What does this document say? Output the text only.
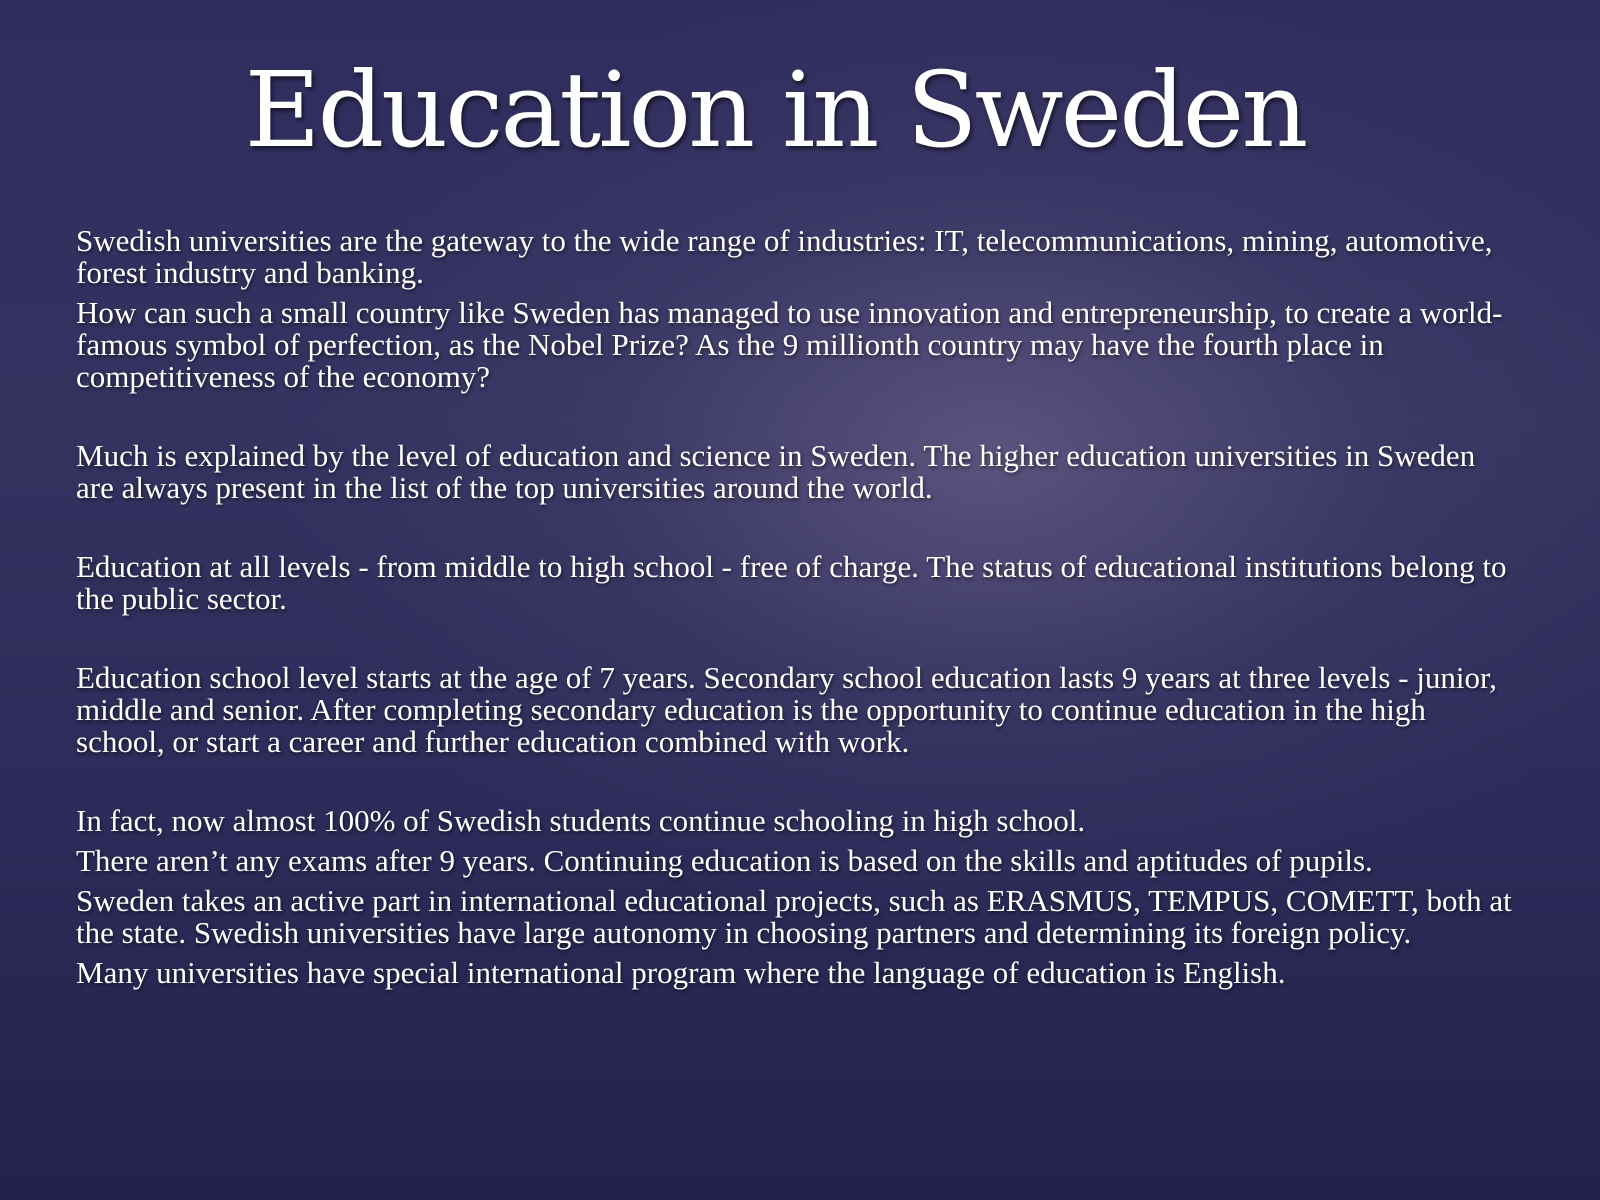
Education in Sweden

Swedish universities are the gateway to the wide range of industries: IT, telecommunications, mining, automotive, forest industry and banking.

How can such a small country like Sweden has managed to use innovation and entrepreneurship, to create a world-famous symbol of perfection, as the Nobel Prize? As the 9 millionth country may have the fourth place in competitiveness of the economy?

Much is explained by the level of education and science in Sweden. The higher education universities in Sweden are always present in the list of the top universities around the world.

Education at all levels - from middle to high school - free of charge. The status of educational institutions belong to the public sector.

Education school level starts at the age of 7 years. Secondary school education lasts 9 years at three levels - junior, middle and senior. After completing secondary education is the opportunity to continue education in the high school, or start a career and further education combined with work.

In fact, now almost 100% of Swedish students continue schooling in high school.

There aren’t any exams after 9 years. Continuing education is based on the skills and aptitudes of pupils.

Sweden takes an active part in international educational projects, such as ERASMUS, TEMPUS, COMETT, both at the state. Swedish universities have large autonomy in choosing partners and determining its foreign policy.

Many universities have special international program where the language of education is English.
